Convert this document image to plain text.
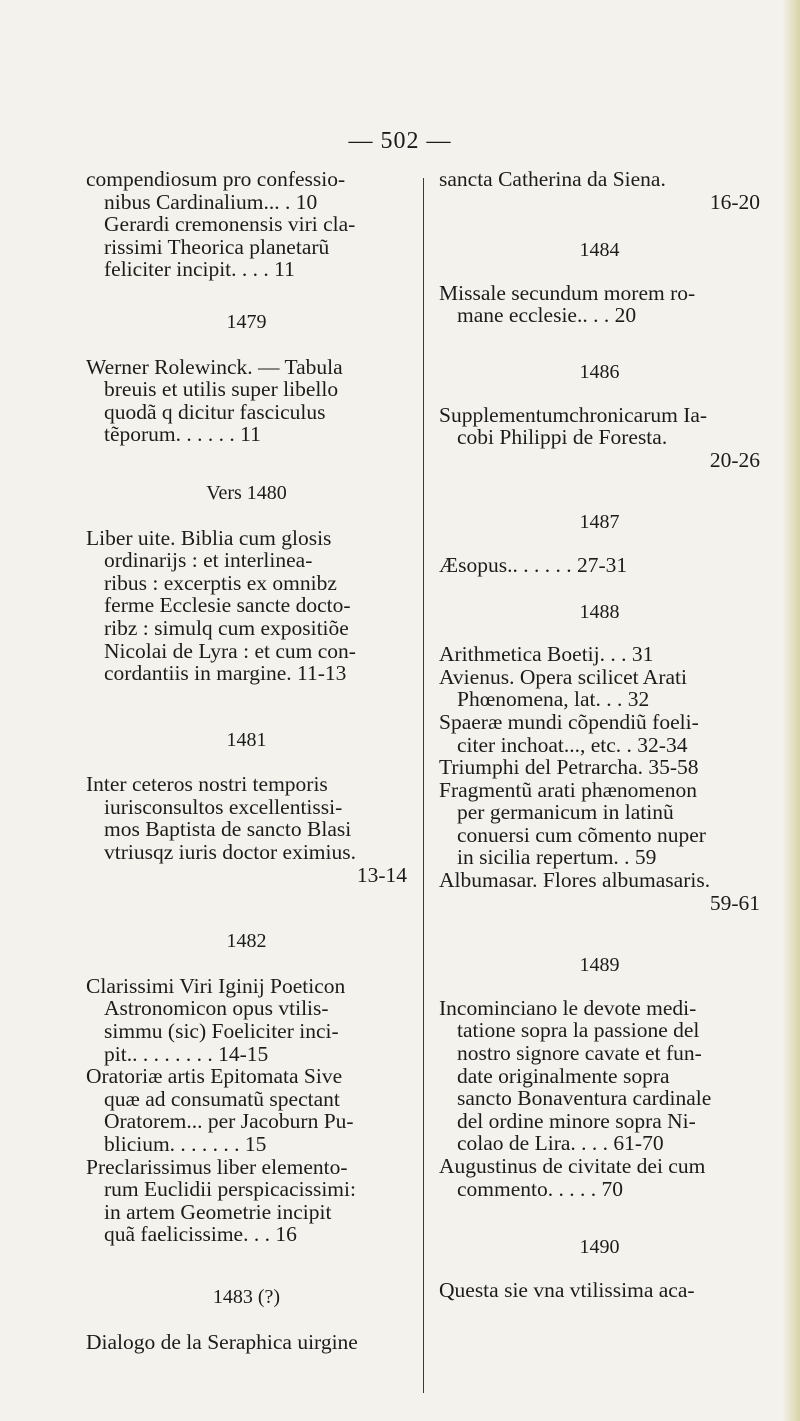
— 502 —

compendiosum pro confessio-

nibus Cardinalium... . 10

Gerardi cremonensis viri cla-

rissimi Theorica planetarũ

feliciter incipit. . . . 11

1479

Werner Rolewinck. — Tabula

breuis et utilis super libello

quodã q dicitur fasciculus

tẽporum. . . . . . 11

Vers 1480

Liber uite. Biblia cum glosis

ordinarijs : et interlinea-

ribus : excerptis ex omnibz

ferme Ecclesie sancte docto-

ribz : simulq cum expositiõe

Nicolai de Lyra : et cum con-

cordantiis in margine. 11-13

1481

Inter ceteros nostri temporis

iurisconsultos excellentissi-

mos Baptista de sancto Blasi

vtriusqz iuris doctor eximius.

13-14

1482

Clarissimi Viri Iginij Poeticon

Astronomicon opus vtilis-

simmu (sic) Foeliciter inci-

pit.. . . . . . . . 14-15

Oratoriæ artis Epitomata Sive

quæ ad consumatũ spectant

Oratorem... per Jacoburn Pu-

blicium. . . . . . . 15

Preclarissimus liber elemento-

rum Euclidii perspicacissimi:

in artem Geometrie incipit

quã faelicissime. . . 16

1483 (?)

Dialogo de la Seraphica uirgine

sancta Catherina da Siena.

16-20

1484

Missale secundum morem ro-

mane ecclesie.. . . 20

1486

Supplementumchronicarum Ia-

cobi Philippi de Foresta.

20-26

1487

Æsopus.. . . . . . 27-31

1488

Arithmetica Boetij. . . 31

Avienus. Opera scilicet Arati

Phœnomena, lat. . . 32

Spaeræ mundi cõpendiũ foeli-

citer inchoat..., etc. . 32-34

Triumphi del Petrarcha. 35-58

Fragmentũ arati phænomenon

per germanicum in latinũ

conuersi cum cõmento nuper

in sicilia repertum. . 59

Albumasar. Flores albumasaris.

59-61

1489

Incominciano le devote medi-

tatione sopra la passione del

nostro signore cavate et fun-

date originalmente sopra

sancto Bonaventura cardinale

del ordine minore sopra Ni-

colao de Lira. . . . 61-70

Augustinus de civitate dei cum

commento. . . . . 70

1490

Questa sie vna vtilissima aca-
